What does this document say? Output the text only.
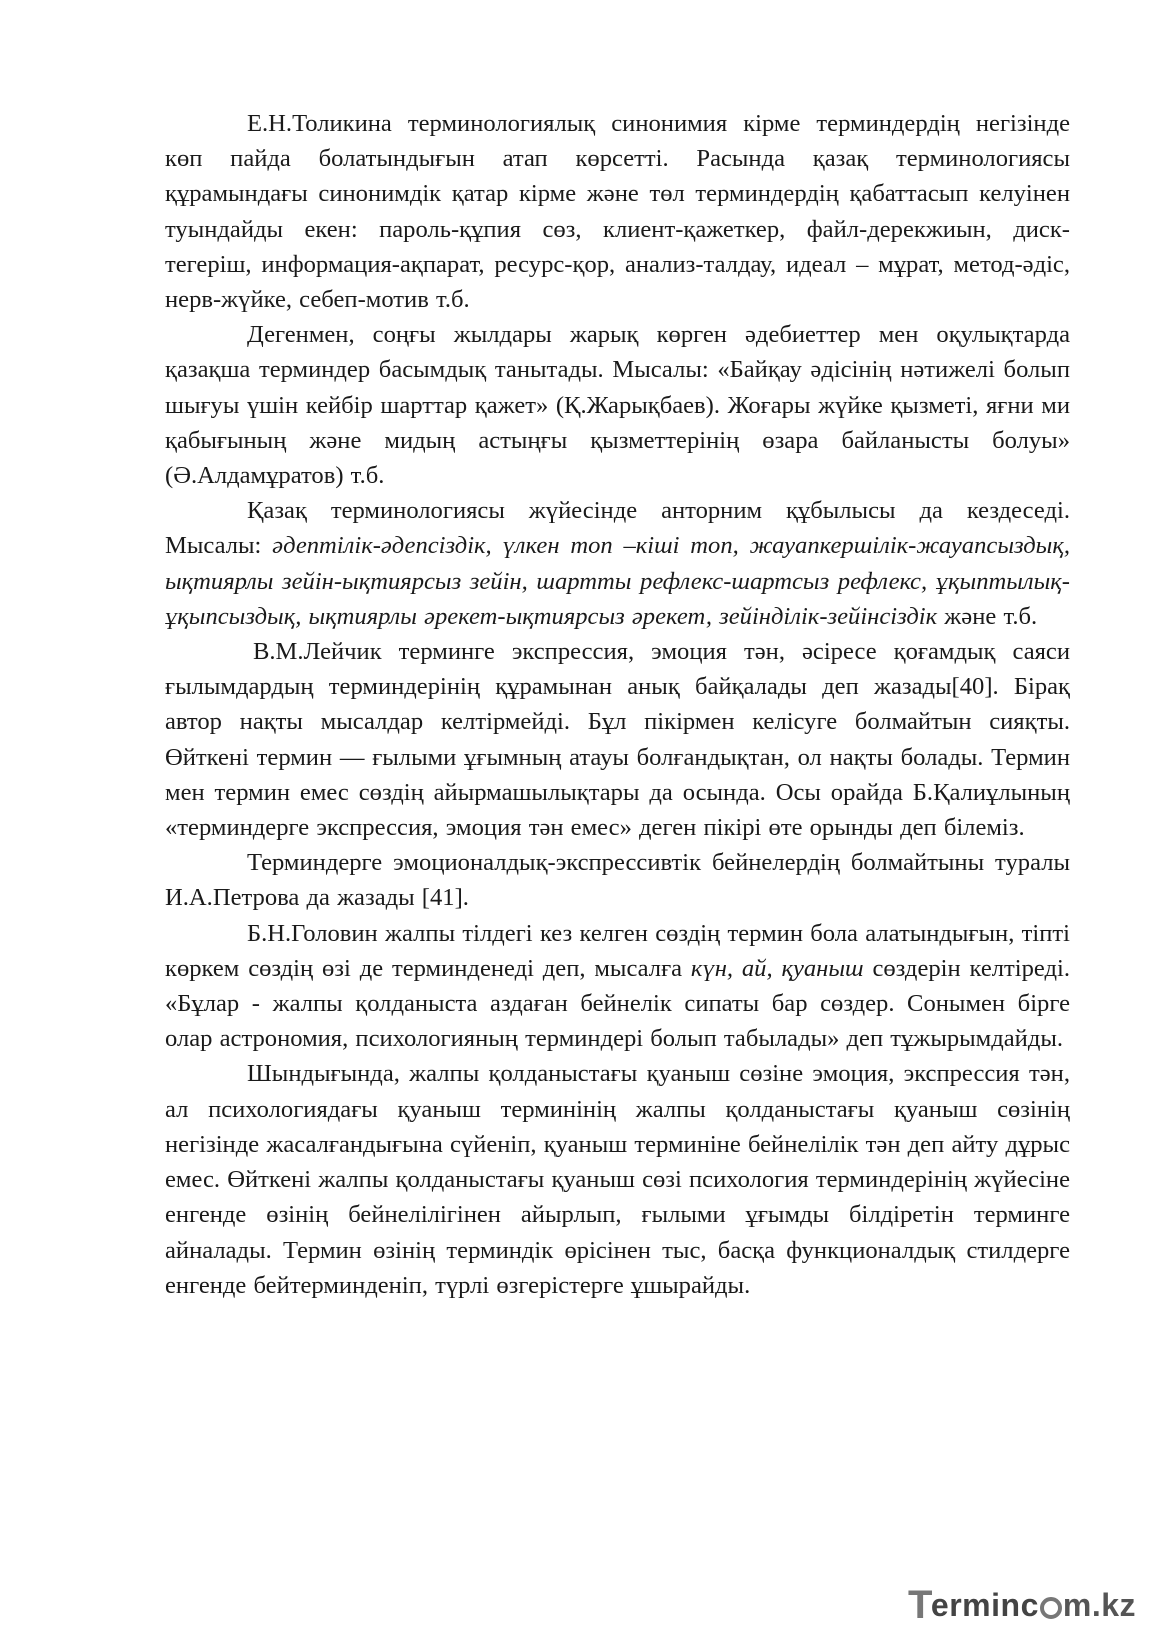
Е.Н.Толикина терминологиялық синонимия кірме терминдердің негізінде көп пайда болатындығын атап көрсетті. Расында қазақ терминологиясы құрамындағы синонимдік қатар кірме және төл терминдердің қабаттасып келуінен туындайды екен: пароль-құпия сөз, клиент-қажеткер, файл-дерекжиын, диск-тегеріш, информация-ақпарат, ресурс-қор, анализ-талдау, идеал – мұрат, метод-әдіс, нерв-жүйке, себеп-мотив т.б.

Дегенмен, соңғы жылдары жарық көрген әдебиеттер мен оқулықтарда қазақша терминдер басымдық танытады. Мысалы: «Байқау әдісінің нәтижелі болып шығуы үшін кейбір шарттар қажет» (Қ.Жарықбаев). Жоғары жүйке қызметі, яғни ми қабығының және мидың астыңғы қызметтерінің өзара байланысты болуы» (Ә.Алдамұратов) т.б.

Қазақ терминологиясы жүйесінде анторним құбылысы да кездеседі. Мысалы: әдептілік-әдепсіздік, үлкен топ –кіші топ, жауапкершілік-жауапсыздық, ықтиярлы зейін-ықтиярсыз зейін, шартты рефлекс-шартсыз рефлекс, ұқыптылық-ұқыпсыздық, ықтиярлы әрекет-ықтиярсыз әрекет, зейінділік-зейінсіздік және т.б.

В.М.Лейчик терминге экспрессия, эмоция тән, әсіресе қоғамдық саяси ғылымдардың терминдерінің құрамынан анық байқалады деп жазады[40]. Бірақ автор нақты мысалдар келтірмейді. Бұл пікірмен келісуге болмайтын сияқты. Өйткені термин — ғылыми ұғымның атауы болғандықтан, ол нақты болады. Термин мен термин емес сөздің айырмашылықтары да осында. Осы орайда Б.Қалиұлының «терминдерге экспрессия, эмоция тән емес» деген пікірі өте орынды деп білеміз.

Терминдерге эмоционалдық-экспрессивтік бейнелердің болмайтыны туралы И.А.Петрова да жазады [41].

Б.Н.Головин жалпы тілдегі кез келген сөздің термин бола алатындығын, тіпті көркем сөздің өзі де терминденеді деп, мысалға күн, ай, қуаныш сөздерін келтіреді. «Бұлар - жалпы қолданыста аздаған бейнелік сипаты бар сөздер. Сонымен бірге олар астрономия, психологияның терминдері болып табылады» деп тұжырымдайды.

Шындығында, жалпы қолданыстағы қуаныш сөзіне эмоция, экспрессия тән, ал психологиядағы қуаныш терминінің жалпы қолданыстағы қуаныш сөзінің негізінде жасалғандығына сүйеніп, қуаныш терминіне бейнелілік тән деп айту дұрыс емес. Өйткені жалпы қолданыстағы қуаныш сөзі психология терминдерінің жүйесіне енгенде өзінің бейнелілігінен айырлып, ғылыми ұғымды білдіретін терминге айналады. Термин өзінің терминдік өрісінен тыс, басқа функционалдық стилдерге енгенде бейтерминденіп, түрлі өзгерістерге ұшырайды.

T
erminc m.kz
